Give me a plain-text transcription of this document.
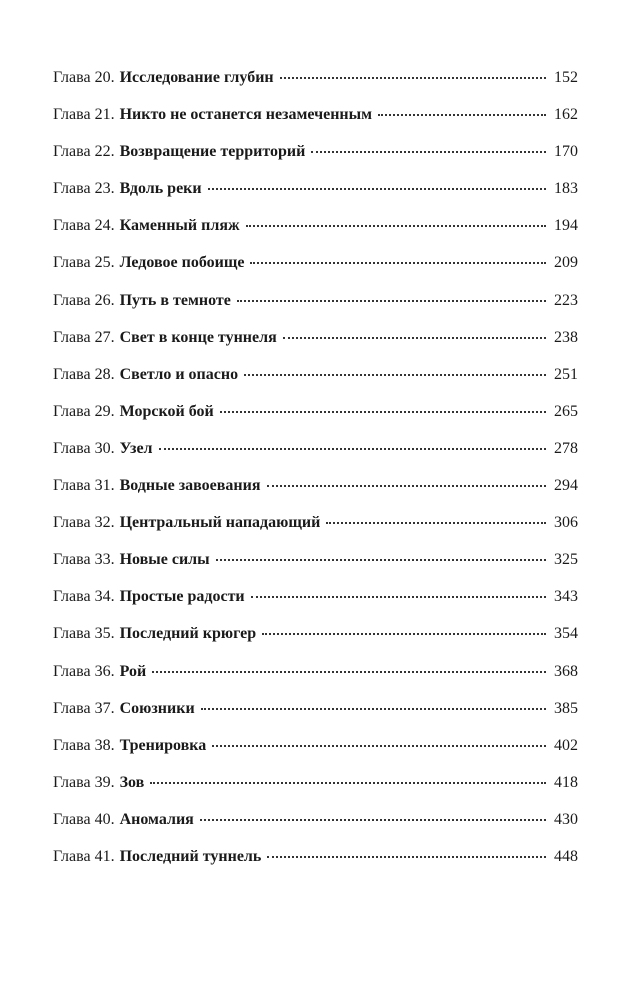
Глава 20. Исследование глубин	152
Глава 21. Никто не останется незамеченным	162
Глава 22. Возвращение территорий	170
Глава 23. Вдоль реки	183
Глава 24. Каменный пляж	194
Глава 25. Ледовое побоище	209
Глава 26. Путь в темноте	223
Глава 27. Свет в конце туннеля	238
Глава 28. Светло и опасно	251
Глава 29. Морской бой	265
Глава 30. Узел	278
Глава 31. Водные завоевания	294
Глава 32. Центральный нападающий	306
Глава 33. Новые силы	325
Глава 34. Простые радости	343
Глава 35. Последний крюгер	354
Глава 36. Рой	368
Глава 37. Союзники	385
Глава 38. Тренировка	402
Глава 39. Зов	418
Глава 40. Аномалия	430
Глава 41. Последний туннель	448
